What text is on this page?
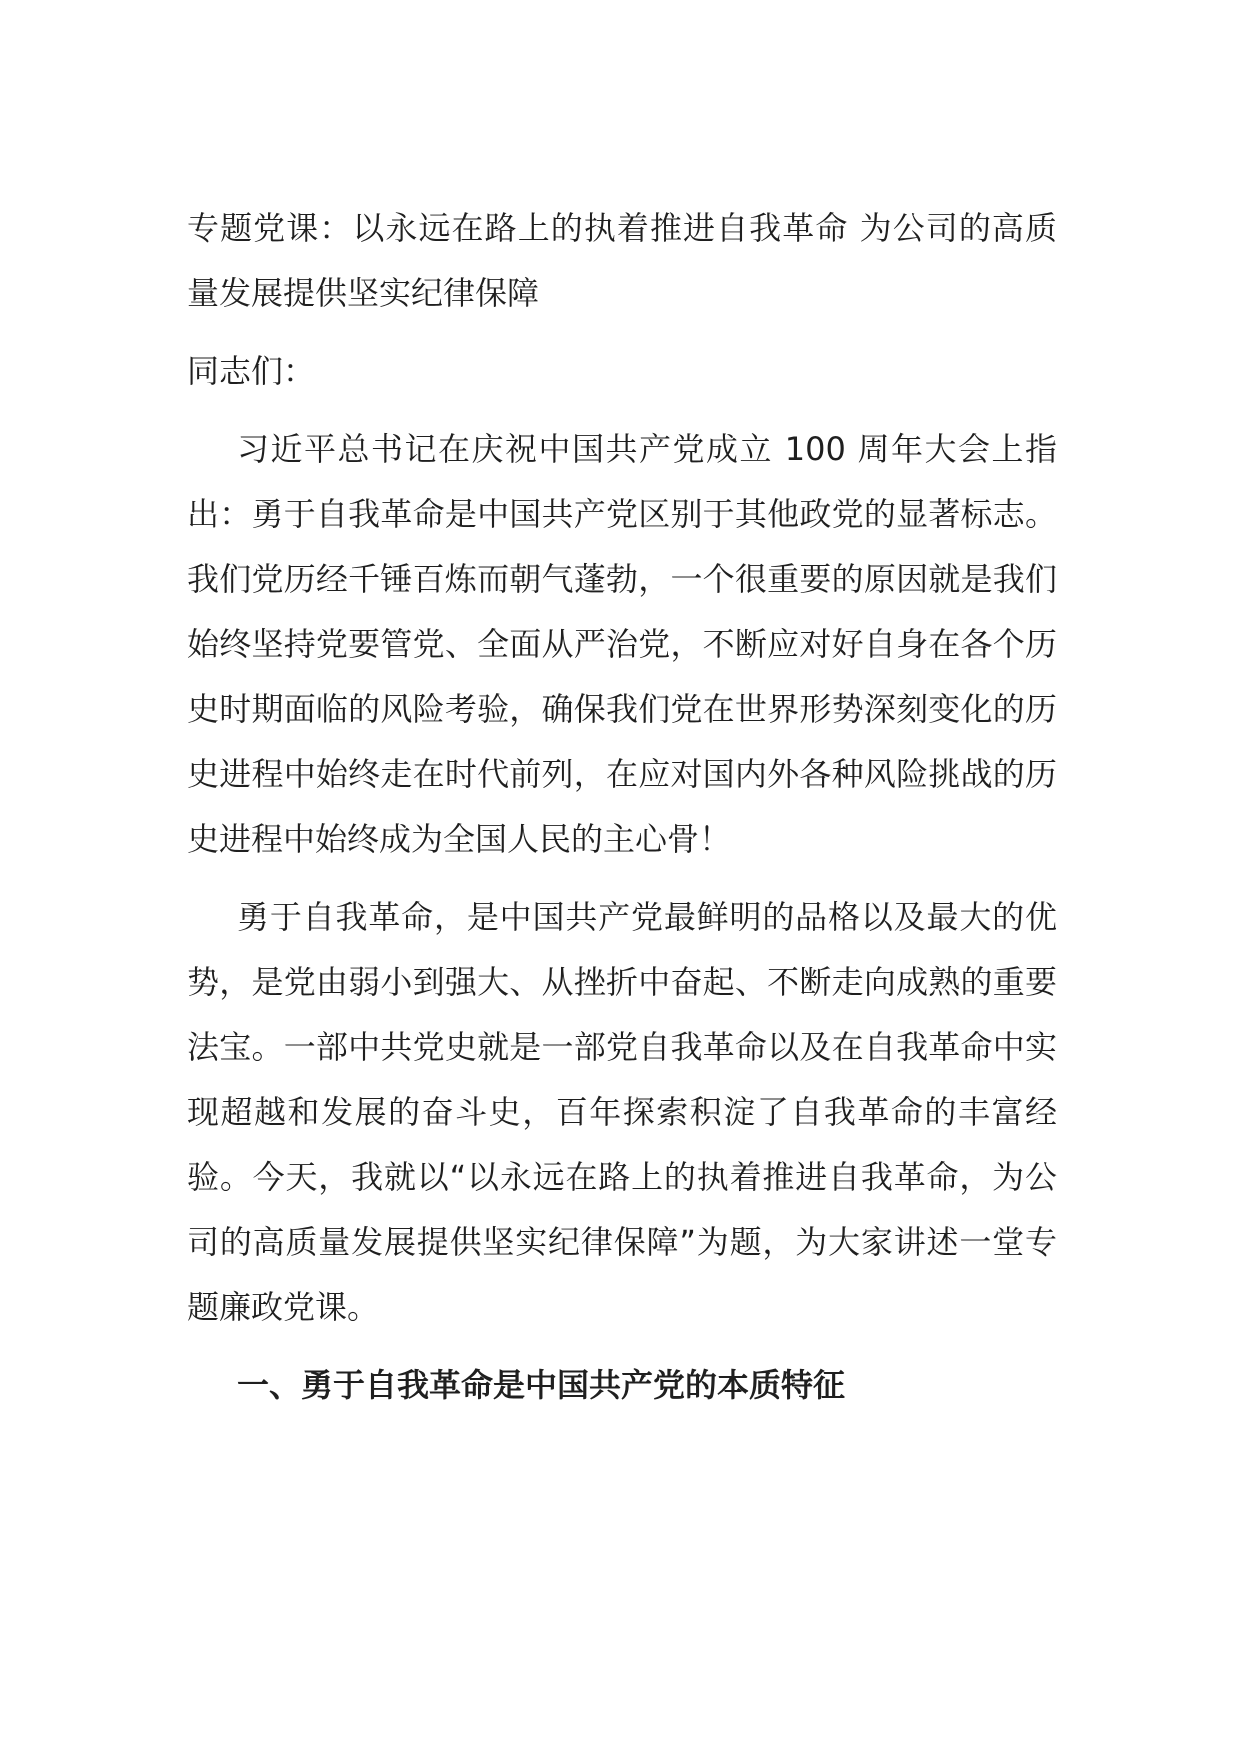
专题党课：以永远在路上的执着推进自我革命 为公司的高质量发展提供坚实纪律保障

同志们：

习近平总书记在庆祝中国共产党成立 100 周年大会上指出：勇于自我革命是中国共产党区别于其他政党的显著标志。我们党历经千锤百炼而朝气蓬勃，一个很重要的原因就是我们始终坚持党要管党、全面从严治党，不断应对好自身在各个历史时期面临的风险考验，确保我们党在世界形势深刻变化的历史进程中始终走在时代前列，在应对国内外各种风险挑战的历史进程中始终成为全国人民的主心骨！

勇于自我革命，是中国共产党最鲜明的品格以及最大的优势，是党由弱小到强大、从挫折中奋起、不断走向成熟的重要法宝。一部中共党史就是一部党自我革命以及在自我革命中实现超越和发展的奋斗史，百年探索积淀了自我革命的丰富经验。今天，我就以“以永远在路上的执着推进自我革命，为公司的高质量发展提供坚实纪律保障”为题，为大家讲述一堂专题廉政党课。

一、勇于自我革命是中国共产党的本质特征
